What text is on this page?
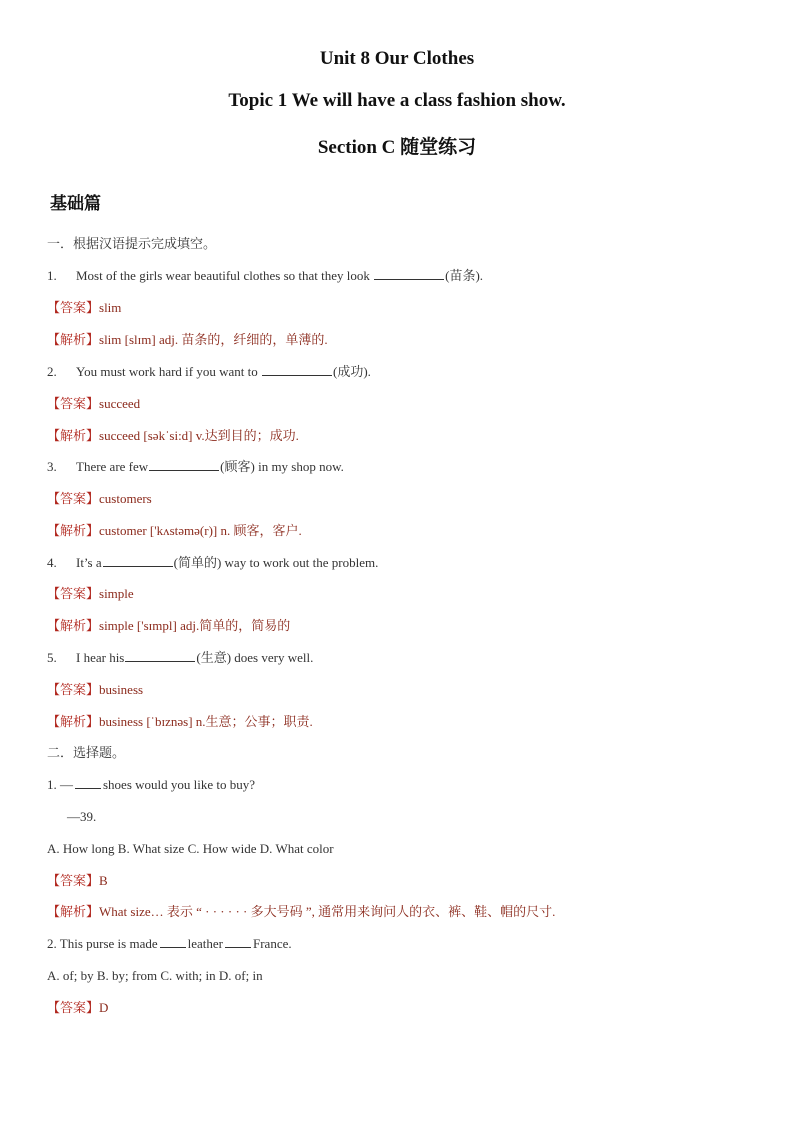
Unit 8 Our Clothes
Topic 1 We will have a class fashion show.
Section C 随堂练习
基础篇
一．根据汉语提示完成填空。
1. Most of the girls wear beautiful clothes so that they look	(苗条).
【答案】slim
【解析】slim [slɪm] adj. 苗条的，纤细的，单薄的.
2. You must work hard if you want to	(成功).
【答案】succeed
【解析】succeed [səkˈsi:d] v.达到目的；成功.
3. There are few	(顾客) in my shop now.
【答案】customers
【解析】customer ['kʌstəmə(r)] n. 顾客，客户.
4. It’s a	(简单的) way to work out the problem.
【答案】simple
【解析】simple ['sɪmpl] adj.简单的，简易的
5. I hear his	(生意) does very well.
【答案】business
【解析】business [ˈbɪznəs] n.生意；公事；职责.
二．选择题。
1. — shoes would you like to buy?
—39.
A. How long B. What size C. How wide D. What color
【答案】B
【解析】What size… 表示 “ · · · · · · 多大号码 ”, 通常用来询问人的衣、裤、鞋、帽的尺寸.
2. This purse is made leather France.
A. of; by B. by; from C. with; in D. of; in
【答案】D
